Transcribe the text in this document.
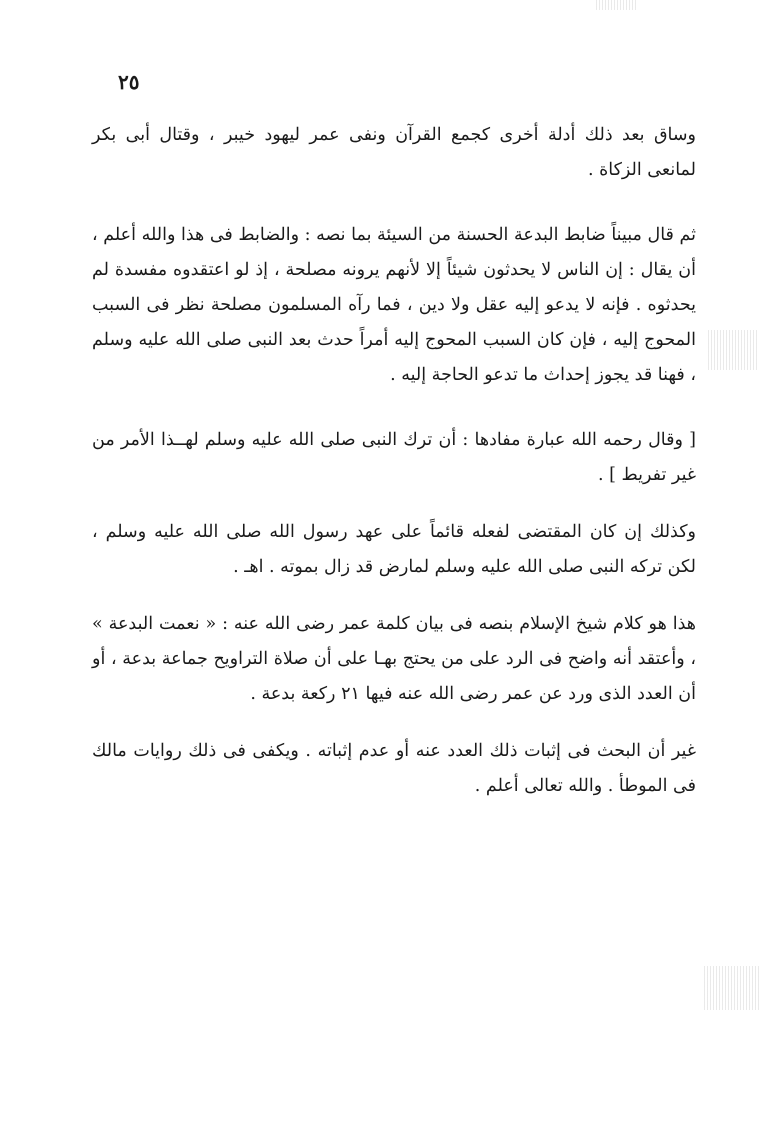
٢٥

وساق بعد ذلك أدلة أخرى كجمع القرآن ونفى عمر ليهود خيبر ، وقتال أبى بكر لمانعى الزكاة .

ثم قال مبيناً ضابط البدعة الحسنة من السيئة بما نصه : والضابط فى هذا والله أعلم ، أن يقال : إن الناس لا يحدثون شيئاً إلا لأنهم يرونه مصلحة ، إذ لو اعتقدوه مفسدة لم يحدثوه . فإنه لا يدعو إليه عقل ولا دين ، فما رآه المسلمون مصلحة نظر فى السبب المحوج إليه ، فإن كان السبب المحوج إليه أمراً حدث بعد النبى صلى الله عليه وسلم ، فهنا قد يجوز إحداث ما تدعو الحاجة إليه .

[ وقال رحمه الله عبارة مفادها : أن ترك النبى صلى الله عليه وسلم لهــذا الأمر من غير تفريط ] .

وكذلك إن كان المقتضى لفعله قائماً على عهد رسول الله صلى الله عليه وسلم ، لكن تركه النبى صلى الله عليه وسلم لمارض قد زال بموته . اهـ .

هذا هو كلام شيخ الإسلام بنصه فى بيان كلمة عمر رضى الله عنه : « نعمت البدعة » ، وأعتقد أنه واضح فى الرد على من يحتج بهـا على أن صلاة التراويح جماعة بدعة ، أو أن العدد الذى ورد عن عمر رضى الله عنه فيها ٢١ ركعة بدعة .

غير أن البحث فى إثبات ذلك العدد عنه أو عدم إثباته . ويكفى فى ذلك روايات مالك فى الموطأ . والله تعالى أعلم .
